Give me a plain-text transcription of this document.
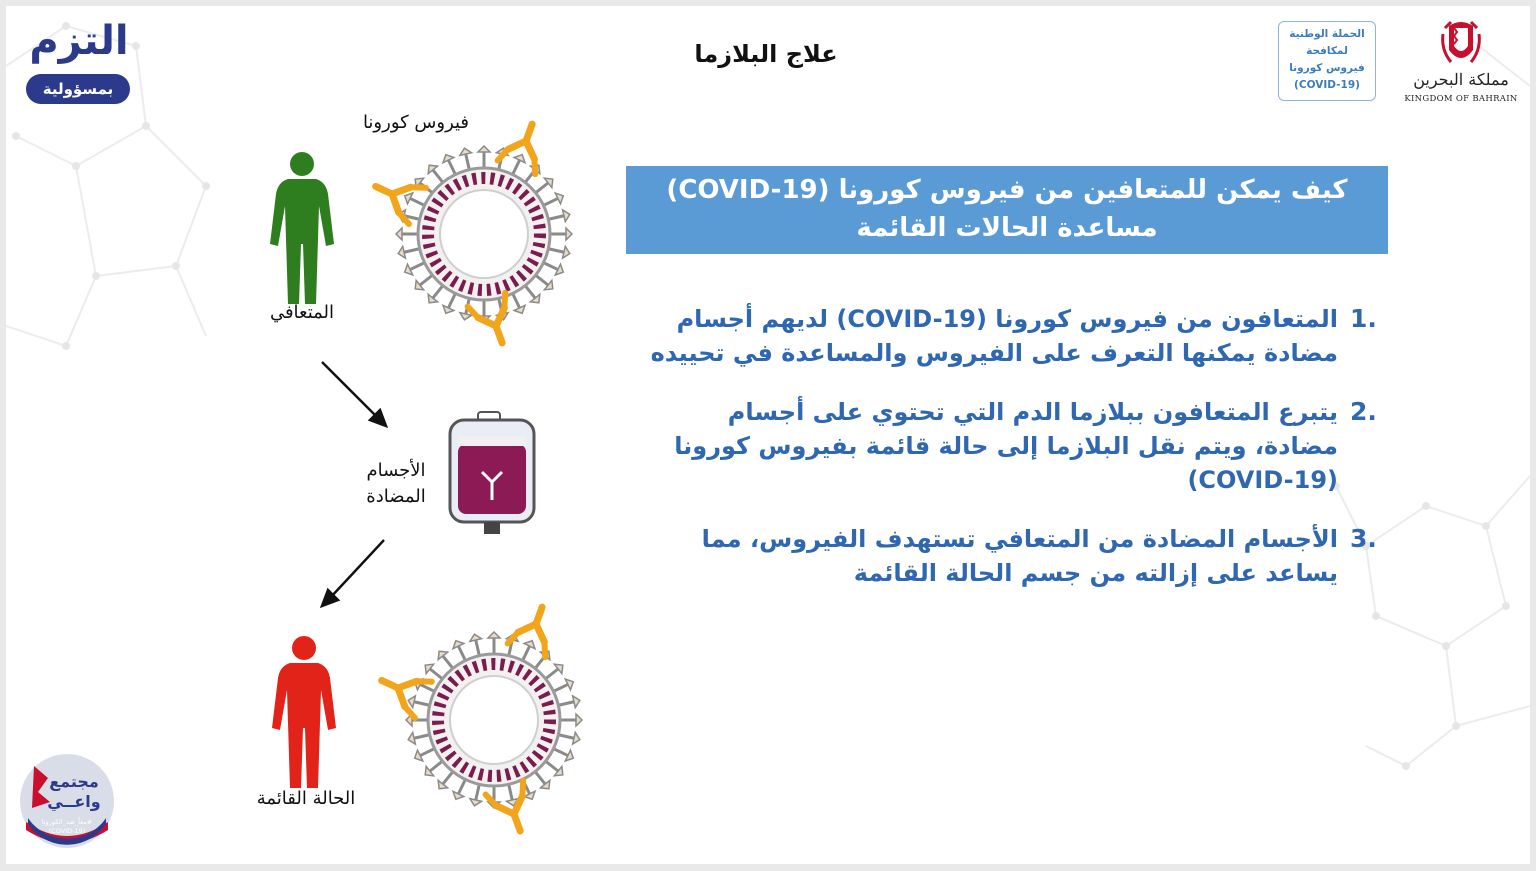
التزم
بمسؤولية
علاج البلازما
الحملة الوطنية
لمكافحة
فيروس كورونا
(COVID-19)	مملكة البحرين
KINGDOM OF BAHRAIN
كيف يمكن للمتعافين من فيروس كورونا (COVID-19)
مساعدة الحالات القائمة
1.
المتعافون من فيروس كورونا (COVID-19) لديهم أجسام
مضادة يمكنها التعرف على الفيروس والمساعدة في تحييده
2.
يتبرع المتعافون ببلازما الدم التي تحتوي على أجسام
مضادة، ويتم نقل البلازما إلى حالة قائمة بفيروس كورونا
(COVID-19)
3.
الأجسام المضادة من المتعافي تستهدف الفيروس، مما
يساعد على إزالته من جسم الحالة القائمة
فيروس كورونا
المتعافي
الأجسام
المضادة
الحالة القائمة
مجتمع
واعــي
#معاً_ضد_الكورونا
(COVID-19)
